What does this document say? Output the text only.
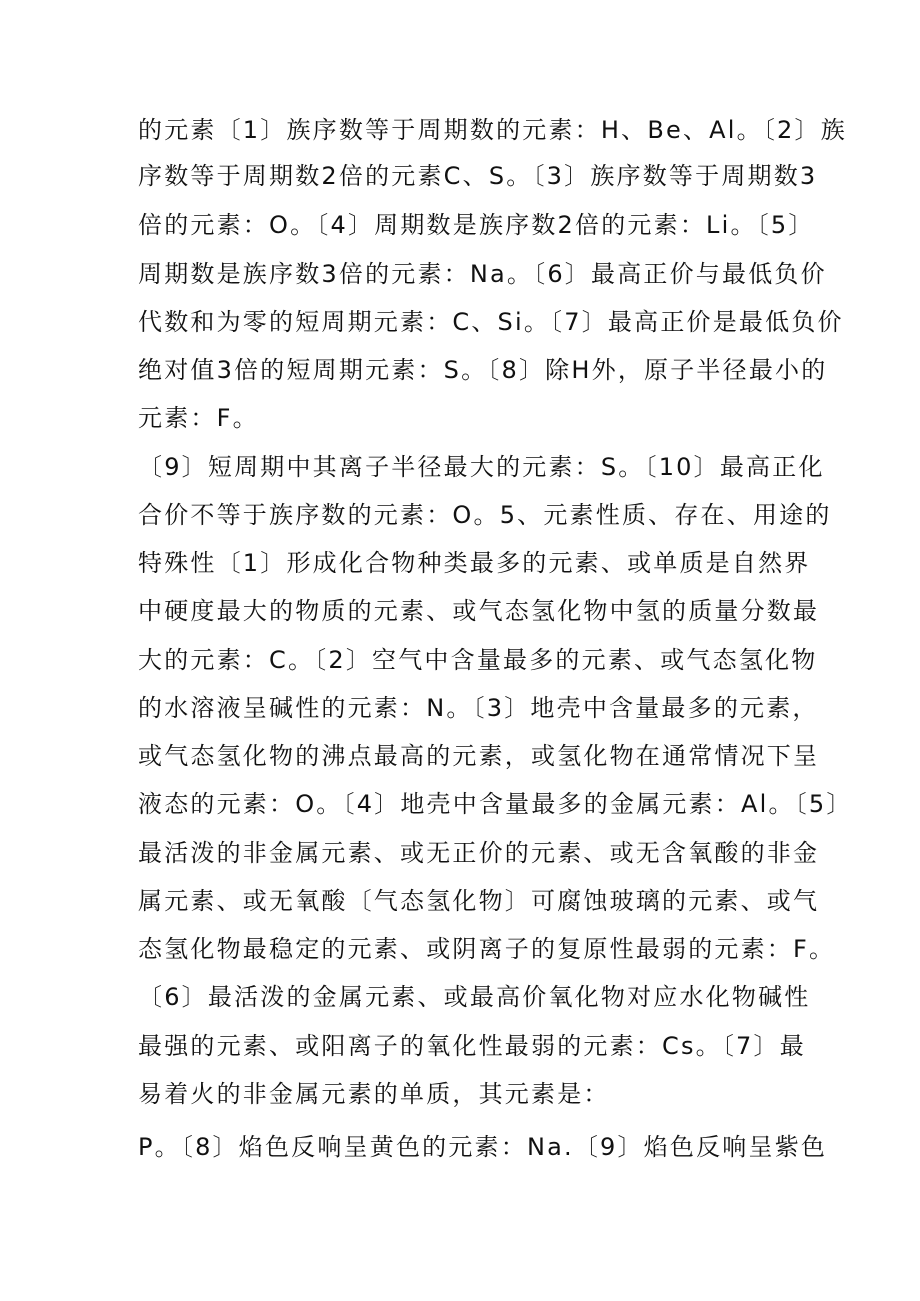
的元素〔1〕族序数等于周期数的元素：H、Be、Al。〔2〕族
序数等于周期数2倍的元素C、S。〔3〕族序数等于周期数3
倍的元素：O。〔4〕周期数是族序数2倍的元素：Li。〔5〕
周期数是族序数3倍的元素：Na。〔6〕最高正价与最低负价
代数和为零的短周期元素：C、Si。〔7〕最高正价是最低负价
绝对值3倍的短周期元素：S。〔8〕除H外，原子半径最小的
元素：F。
〔9〕短周期中其离子半径最大的元素：S。〔10〕最高正化
合价不等于族序数的元素：O。5、元素性质、存在、用途的
特殊性〔1〕形成化合物种类最多的元素、或单质是自然界
中硬度最大的物质的元素、或气态氢化物中氢的质量分数最
大的元素：C。〔2〕空气中含量最多的元素、或气态氢化物
的水溶液呈碱性的元素：N。〔3〕地壳中含量最多的元素，
或气态氢化物的沸点最高的元素，或氢化物在通常情况下呈
液态的元素：O。〔4〕地壳中含量最多的金属元素：Al。〔5〕
最活泼的非金属元素、或无正价的元素、或无含氧酸的非金
属元素、或无氧酸〔气态氢化物〕可腐蚀玻璃的元素、或气
态氢化物最稳定的元素、或阴离子的复原性最弱的元素：F。
〔6〕最活泼的金属元素、或最高价氧化物对应水化物碱性
最强的元素、或阳离子的氧化性最弱的元素：Cs。〔7〕最
易着火的非金属元素的单质，其元素是：
P。〔8〕焰色反响呈黄色的元素：Na.〔9〕焰色反响呈紫色
